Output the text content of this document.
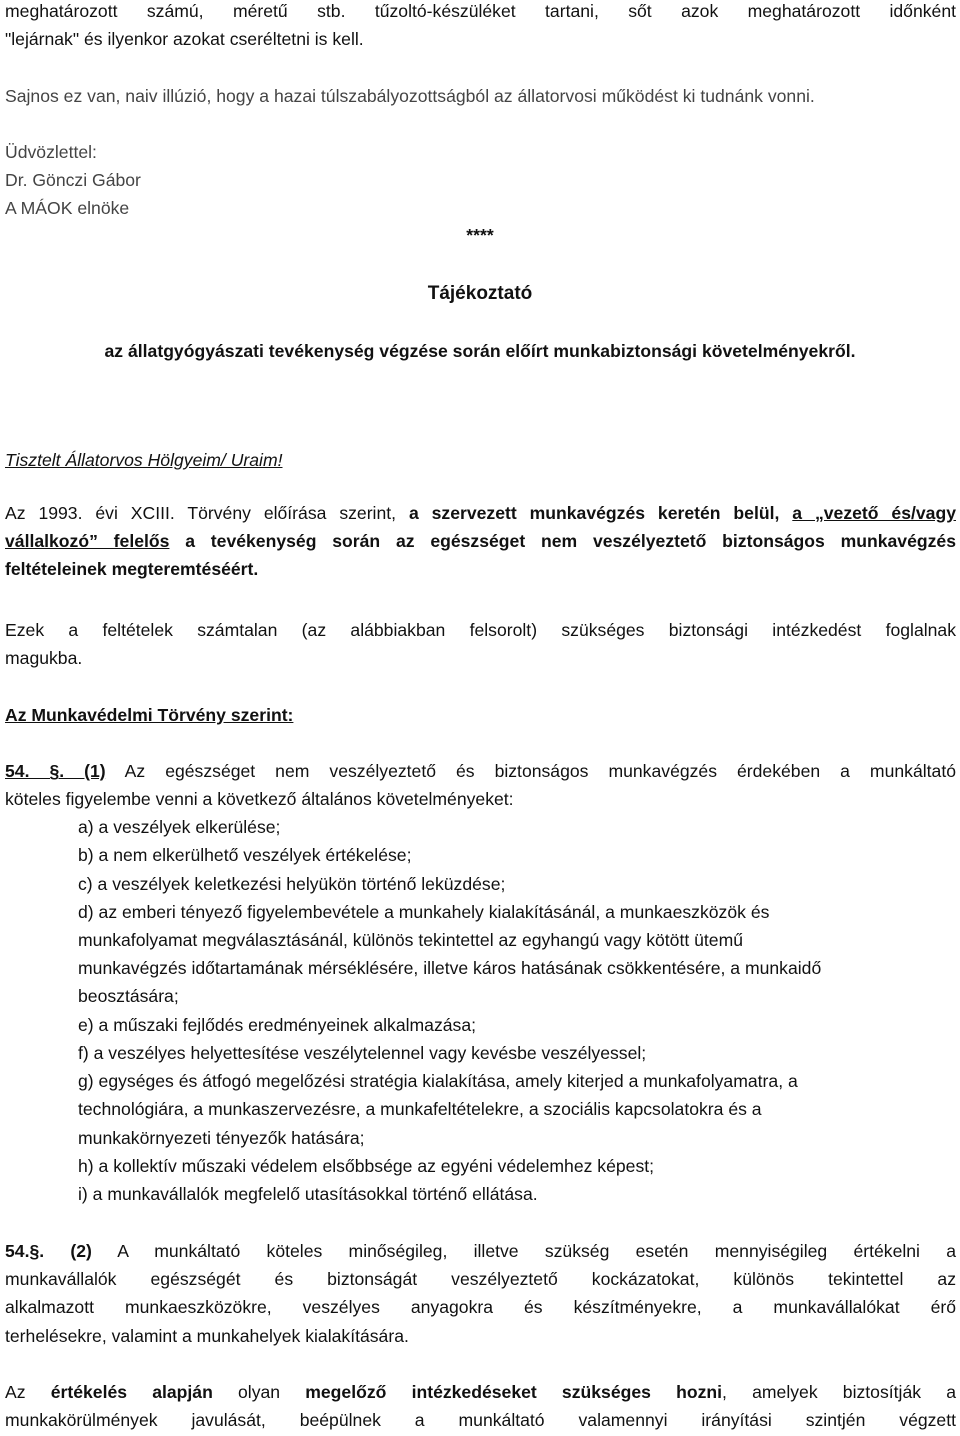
meghatározott számú, méretű stb. tűzoltó-készüléket tartani, sőt azok meghatározott időnként
"lejárnak" és ilyenkor azokat cseréltetni is kell.
Sajnos ez van, naiv illúzió, hogy a hazai túlszabályozottságból az állatorvosi működést ki tudnánk vonni.
Üdvözlettel:
Dr. Gönczi Gábor
A MÁOK elnöke
****
Tájékoztató
az állatgyógyászati tevékenység végzése során előírt munkabiztonsági követelményekről.
Tisztelt Állatorvos Hölgyeim/ Uraim!
Az 1993. évi XCIII. Törvény előírása szerint, a szervezett munkavégzés keretén belül, a „vezető és/vagy
vállalkozó” felelős a tevékenység során az egészséget nem veszélyeztető biztonságos munkavégzés
feltételeinek megteremtéséért.
Ezek a feltételek számtalan (az alábbiakban felsorolt) szükséges biztonsági intézkedést foglalnak
magukba.
Az Munkavédelmi Törvény szerint:
54. §. (1) Az egészséget nem veszélyeztető és biztonságos munkavégzés érdekében a munkáltató
köteles figyelembe venni a következő általános követelményeket:
a) a veszélyek elkerülése;
b) a nem elkerülhető veszélyek értékelése;
c) a veszélyek keletkezési helyükön történő leküzdése;
d) az emberi tényező figyelembevétele a munkahely kialakításánál, a munkaeszközök és
munkafolyamat megválasztásánál, különös tekintettel az egyhangú vagy kötött ütemű
munkavégzés időtartamának mérséklésére, illetve káros hatásának csökkentésére, a munkaidő
beosztására;
e) a műszaki fejlődés eredményeinek alkalmazása;
f) a veszélyes helyettesítése veszélytelennel vagy kevésbe veszélyessel;
g) egységes és átfogó megelőzési stratégia kialakítása, amely kiterjed a munkafolyamatra, a
technológiára, a munkaszervezésre, a munkafeltételekre, a szociális kapcsolatokra és a
munkakörnyezeti tényezők hatására;
h) a kollektív műszaki védelem elsőbbsége az egyéni védelemhez képest;
i) a munkavállalók megfelelő utasításokkal történő ellátása.
54.§. (2) A munkáltató köteles minőségileg, illetve szükség esetén mennyiségileg értékelni a
munkavállalók egészségét és biztonságát veszélyeztető kockázatokat, különös tekintettel az
alkalmazott munkaeszközökre, veszélyes anyagokra és készítményekre, a munkavállalókat érő
terhelésekre, valamint a munkahelyek kialakítására.
Az értékelés alapján olyan megelőző intézkedéseket szükséges hozni, amelyek biztosítják a
munkakörülmények javulását, beépülnek a munkáltató valamennyi irányítási szintjén végzett
